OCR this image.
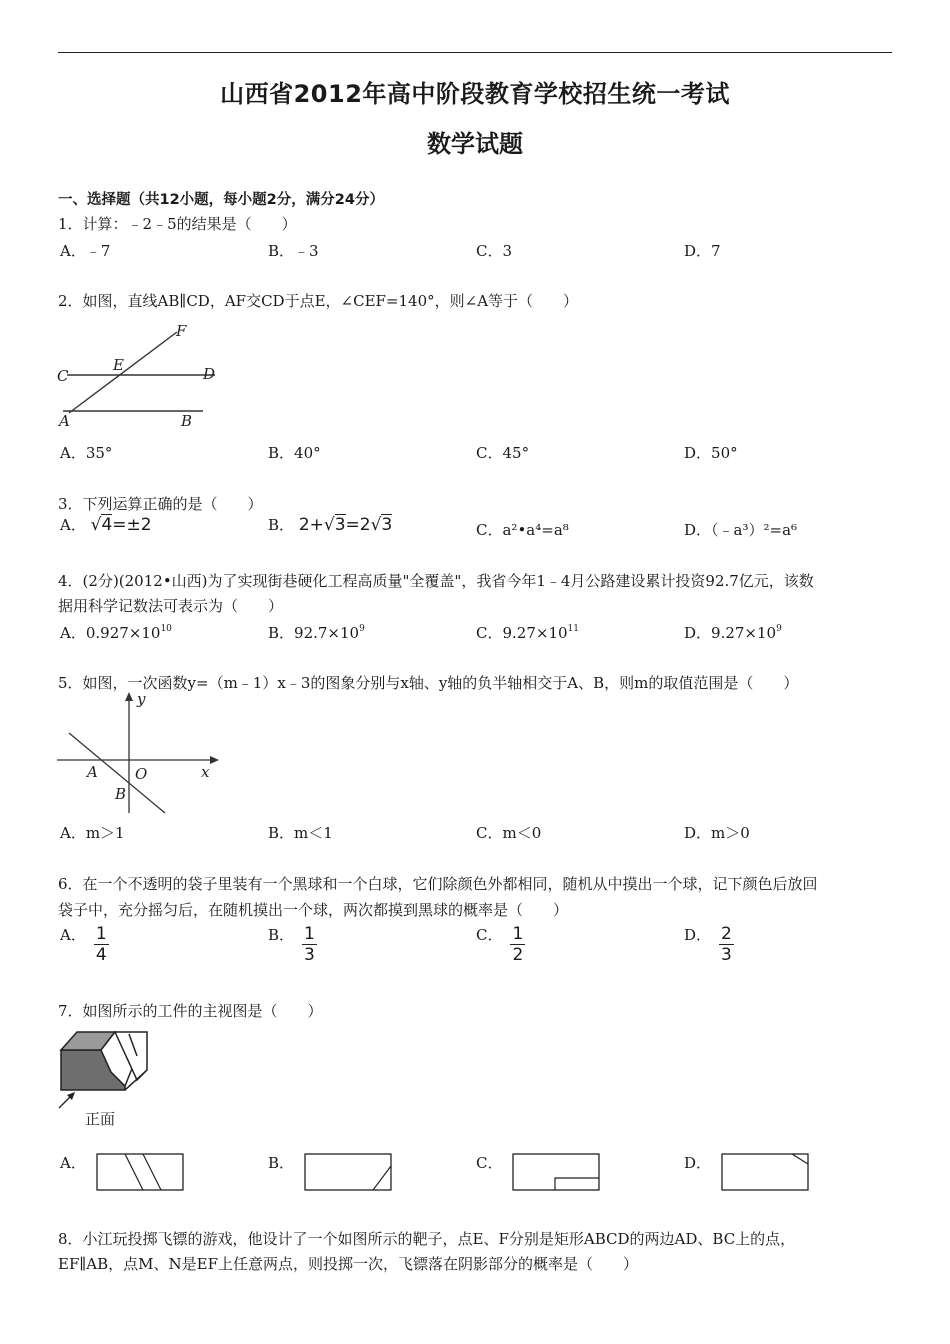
山西省2012年高中阶段教育学校招生统一考试
数学试题
一、选择题（共12小题，每小题2分，满分24分）
1．计算：﹣2﹣5的结果是（　　）
A．﹣7	B．﹣3	C．3	D．7
2．如图，直线AB∥CD，AF交CD于点E，∠CEF=140°，则∠A等于（　　）
F
E
C	D
A	B
A．35°	B．40°	C．45°	D．50°
3．下列运算正确的是（　　）
A． √4=±2	B． 2+√3=2√3	C．a²•a⁴=a⁸	D．（﹣a³）²=a⁶
4．(2分)(2012•山西)为了实现街巷硬化工程高质量"全覆盖"，我省今年1﹣4月公路建设累计投资92.7亿元，该数
据用科学记数法可表示为（　　）
A．$0.927\times 10^{10}$	B．$92.7\times 10^9$	C．$9.27\times 10^{11}$	D．$9.27\times 10^9$
5．如图，一次函数y=（m﹣1）x﹣3的图象分别与x轴、y轴的负半轴相交于A、B，则m的取值范围是（　　）
y
x
O
A
B
A．m＞1	B．m＜1	C．m＜0	D．m＞0
6．在一个不透明的袋子里装有一个黑球和一个白球，它们除颜色外都相同，随机从中摸出一个球，记下颜色后放回
袋子中，充分摇匀后，在随机摸出一个球，两次都摸到黑球的概率是（　　）
A． $\frac{1}{4}$	B． $\frac{1}{3}$	C． $\frac{1}{2}$	D． $\frac{2}{3}$
7．如图所示的工件的主视图是（　　）
正面
A．	B．	C．	D．
8．小江玩投掷飞镖的游戏，他设计了一个如图所示的靶子，点E、F分别是矩形ABCD的两边AD、BC上的点，
EF∥AB，点M、N是EF上任意两点，则投掷一次，飞镖落在阴影部分的概率是（　　）
